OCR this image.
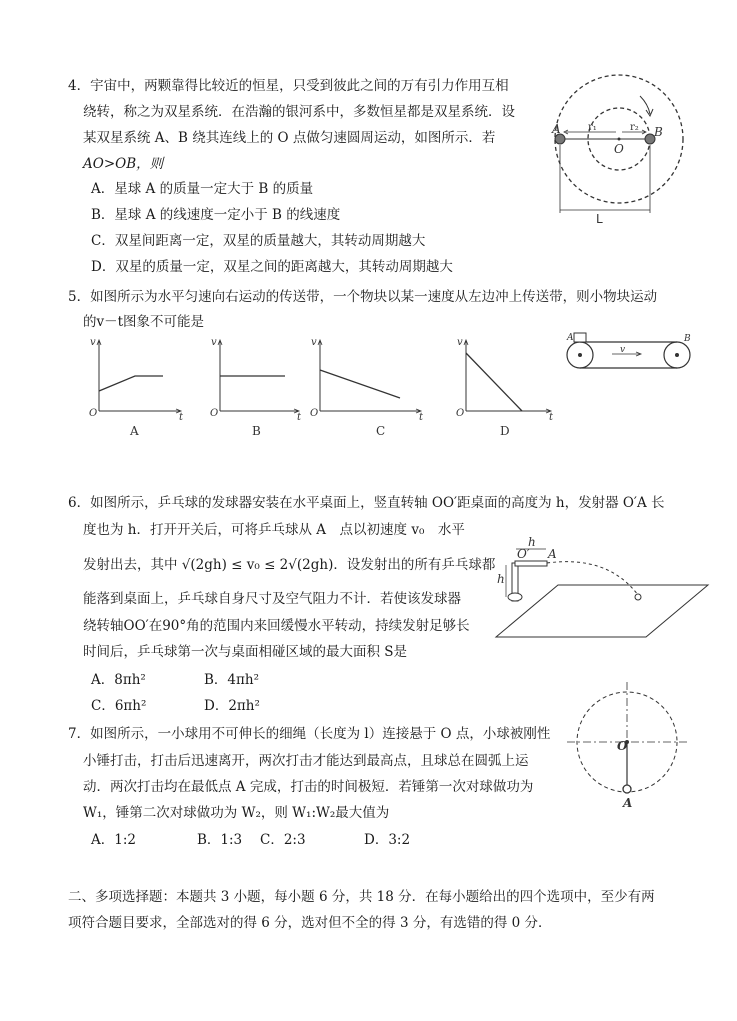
4．宇宙中，两颗靠得比较近的恒星，只受到彼此之间的万有引力作用互相
绕转，称之为双星系统．在浩瀚的银河系中，多数恒星都是双星系统．设
某双星系统 A、B 绕其连线上的 O 点做匀速圆周运动，如图所示．若
AO>OB，则
A．星球 A 的质量一定大于 B 的质量
B．星球 A 的线速度一定小于 B 的线速度
C．双星间距离一定，双星的质量越大，其转动周期越大
D．双星的质量一定，双星之间的距离越大，其转动周期越大
A	B
O
r₁	r₂
L
5．如图所示为水平匀速向右运动的传送带，一个物块以某一速度从左边冲上传送带，则小物块运动
的v－t图象不可能是
v
t
O
A
v
t
O
B
v
t
O
C
v
t
O
D
v
A	B
6．如图所示，乒乓球的发球器安装在水平桌面上，竖直转轴 OO′距桌面的高度为 h，发射器 O′A 长
度也为 h．打开开关后，可将乒乓球从 A　点以初速度 v₀　水平
发射出去，其中 √(2gh) ≤ v₀ ≤ 2√(2gh)．设发射出的所有乒乓球都
能落到桌面上，乒乓球自身尺寸及空气阻力不计．若使该发球器
绕转轴OO′在90°角的范围内来回缓慢水平转动，持续发射足够长
时间后，乒乓球第一次与桌面相碰区域的最大面积 S是
A．8πh²	B．4πh²
C．6πh²	D．2πh²
h
h
O′ A
7．如图所示，一小球用不可伸长的细绳（长度为 l）连接悬于 O 点，小球被刚性
小锤打击，打击后迅速离开，两次打击才能达到最高点，且球总在圆弧上运
动．两次打击均在最低点 A 完成，打击的时间极短．若锤第一次对球做功为
W₁，锤第二次对球做功为 W₂，则 W₁:W₂最大值为
A．1:2	B．1:3 C．2:3	D．3:2
O
A
二、多项选择题：本题共 3 小题，每小题 6 分，共 18 分．在每小题给出的四个选项中，至少有两
项符合题目要求，全部选对的得 6 分，选对但不全的得 3 分，有选错的得 0 分．
